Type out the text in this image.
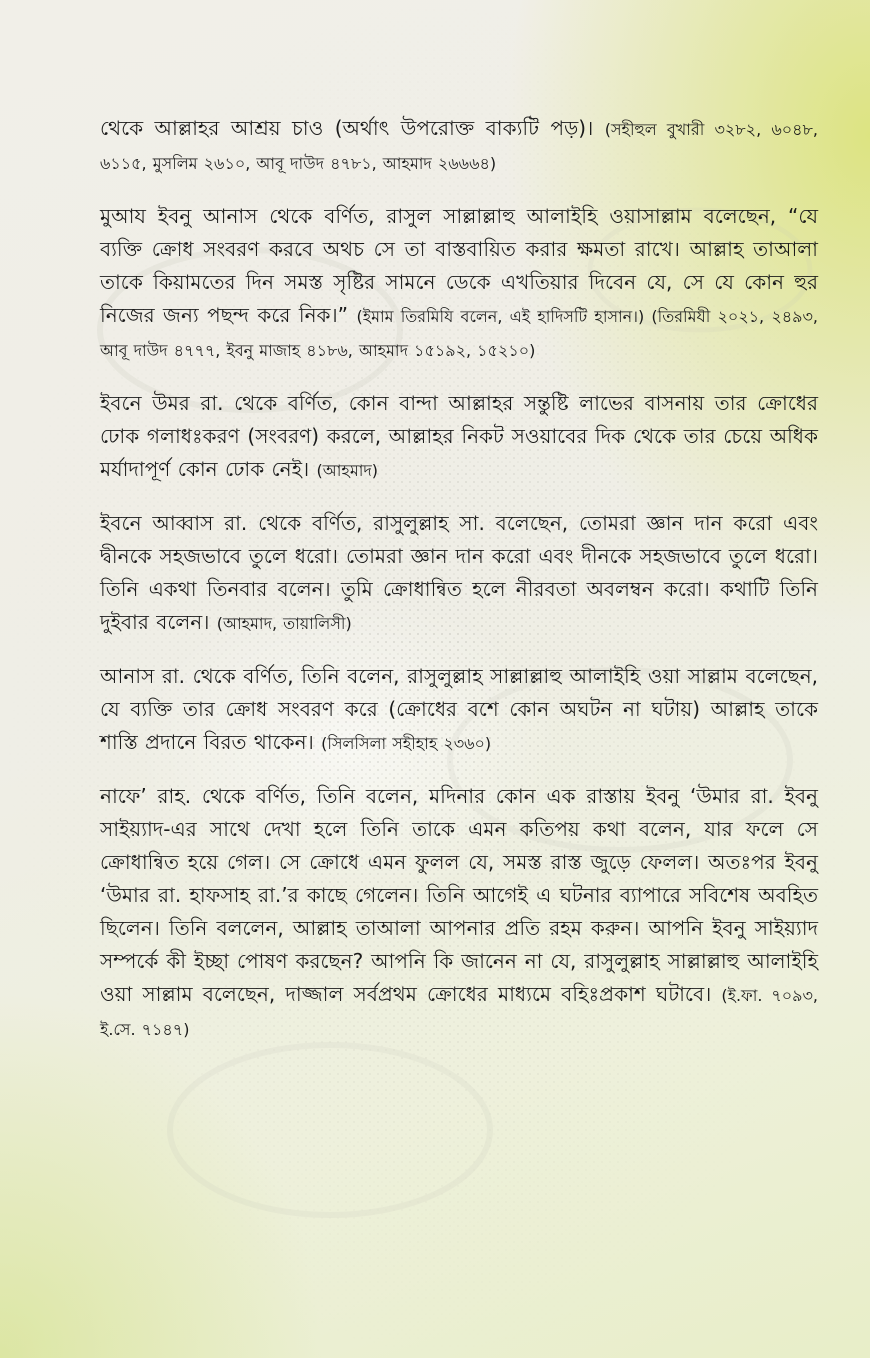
থেকে আল্লাহর আশ্রয় চাও (অর্থাৎ উপরোক্ত বাক্যটি পড়)। (সহীহুল বুখারী ৩২৮২, ৬০৪৮, ৬১১৫, মুসলিম ২৬১০, আবূ দাউদ ৪৭৮১, আহমাদ ২৬৬৬৪)

মুআয ইবনু আনাস থেকে বর্ণিত, রাসুল সাল্লাল্লাহু আলাইহি ওয়াসাল্লাম বলেছেন, “যে ব্যক্তি ক্রোধ সংবরণ করবে অথচ সে তা বাস্তবায়িত করার ক্ষমতা রাখে। আল্লাহ তাআলা তাকে কিয়ামতের দিন সমস্ত সৃষ্টির সামনে ডেকে এখতিয়ার দিবেন যে, সে যে কোন হুর নিজের জন্য পছন্দ করে নিক।” (ইমাম তিরমিযি বলেন, এই হাদিসটি হাসান।) (তিরমিযী ২০২১, ২৪৯৩, আবূ দাউদ ৪৭৭৭, ইবনু মাজাহ ৪১৮৬, আহমাদ ১৫১৯২, ১৫২১০)

ইবনে উমর রা. থেকে বর্ণিত, কোন বান্দা আল্লাহর সন্তুষ্টি লাভের বাসনায় তার ক্রোধের ঢোক গলাধঃকরণ (সংবরণ) করলে, আল্লাহর নিকট সওয়াবের দিক থেকে তার চেয়ে অধিক মর্যাদাপূর্ণ কোন ঢোক নেই। (আহমাদ)

ইবনে আব্বাস রা. থেকে বর্ণিত, রাসুলুল্লাহ সা. বলেছেন, তোমরা জ্ঞান দান করো এবং দ্বীনকে সহজভাবে তুলে ধরো। তোমরা জ্ঞান দান করো এবং দীনকে সহজভাবে তুলে ধরো। তিনি একথা তিনবার বলেন। তুমি ক্রোধান্বিত হলে নীরবতা অবলম্বন করো। কথাটি তিনি দুইবার বলেন। (আহমাদ, তায়ালিসী)

আনাস রা. থেকে বর্ণিত, তিনি বলেন, রাসুলুল্লাহ সাল্লাল্লাহু আলাইহি ওয়া সাল্লাম বলেছেন, যে ব্যক্তি তার ক্রোধ সংবরণ করে (ক্রোধের বশে কোন অঘটন না ঘটায়) আল্লাহ তাকে শাস্তি প্রদানে বিরত থাকেন। (সিলসিলা সহীহাহ ২৩৬০)

নাফে’ রাহ. থেকে বর্ণিত, তিনি বলেন, মদিনার কোন এক রাস্তায় ইবনু ‘উমার রা. ইবনু সাইয়্যাদ-এর সাথে দেখা হলে তিনি তাকে এমন কতিপয় কথা বলেন, যার ফলে সে ক্রোধান্বিত হয়ে গেল। সে ক্রোধে এমন ফুলল যে, সমস্ত রাস্ত জুড়ে ফেলল। অতঃপর ইবনু ‘উমার রা. হাফসাহ রা.’র কাছে গেলেন। তিনি আগেই এ ঘটনার ব্যাপারে সবিশেষ অবহিত ছিলেন। তিনি বললেন, আল্লাহ তাআলা আপনার প্রতি রহম করুন। আপনি ইবনু সাইয়্যাদ সম্পর্কে কী ইচ্ছা পোষণ করছেন? আপনি কি জানেন না যে, রাসুলুল্লাহ সাল্লাল্লাহু আলাইহি ওয়া সাল্লাম বলেছেন, দাজ্জাল সর্বপ্রথম ক্রোধের মাধ্যমে বহিঃপ্রকাশ ঘটাবে। (ই.ফা. ৭০৯৩, ই.সে. ৭১৪৭)
